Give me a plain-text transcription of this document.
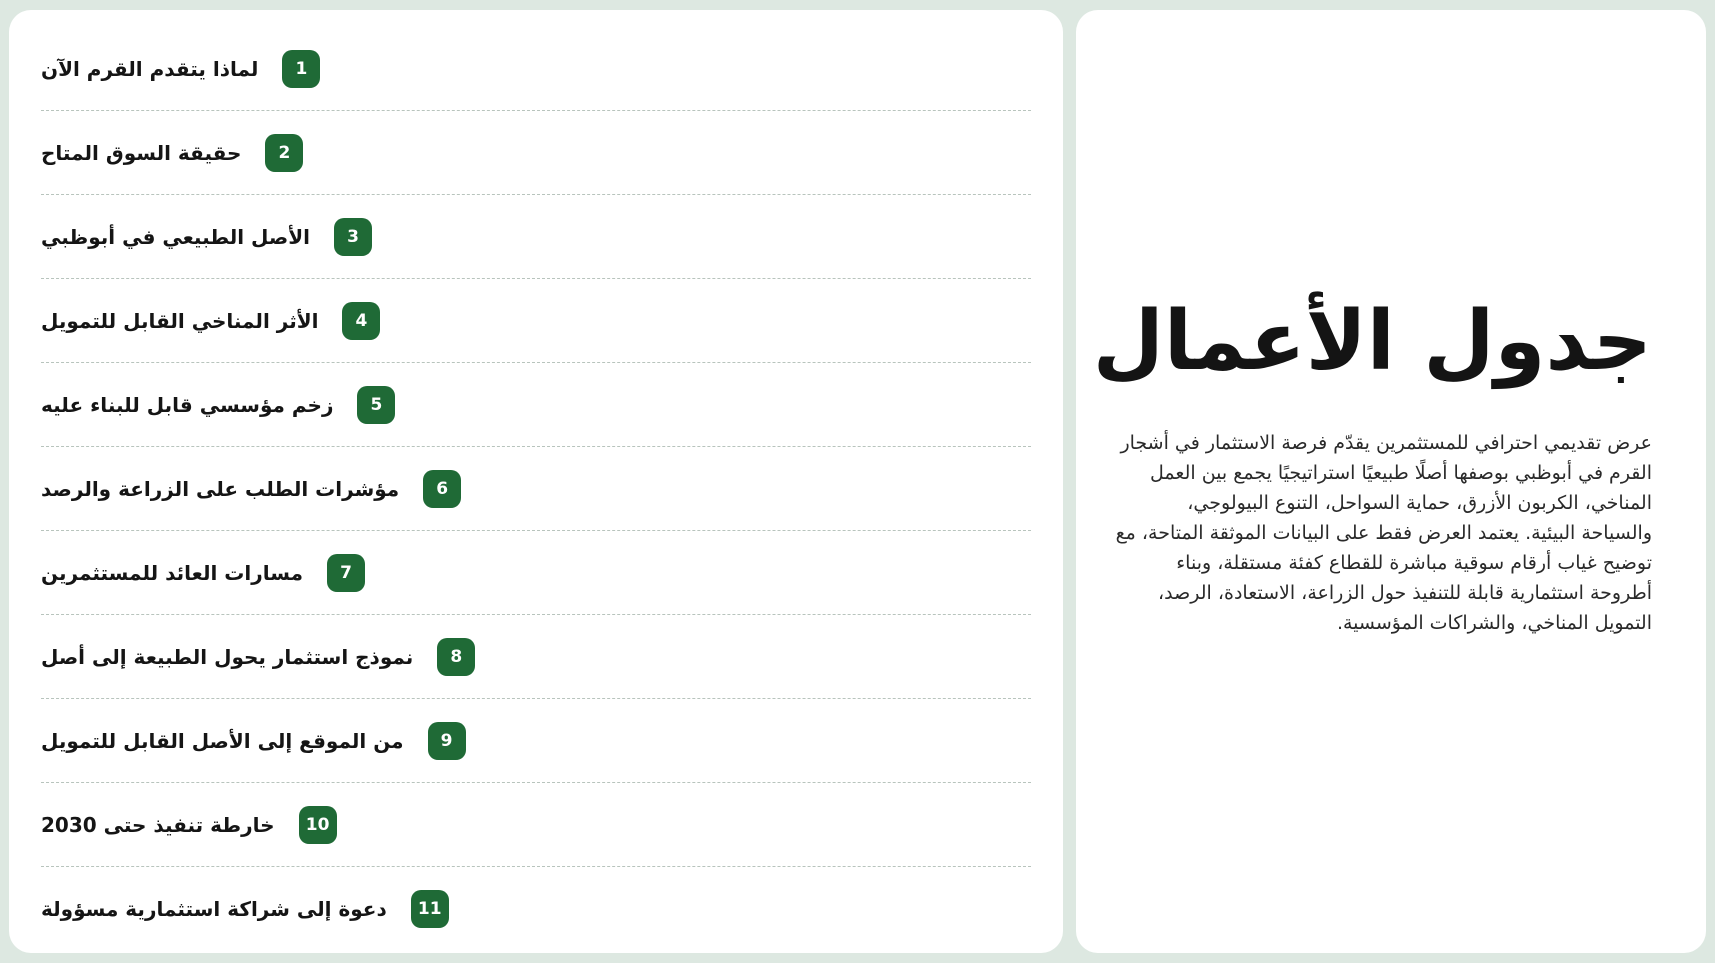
جدول الأعمال

عرض تقديمي احترافي للمستثمرين يقدّم فرصة الاستثمار في أشجار القرم في أبوظبي بوصفها أصلًا طبيعيًا استراتيجيًا يجمع بين العمل المناخي، الكربون الأزرق، حماية السواحل، التنوع البيولوجي، والسياحة البيئية. يعتمد العرض فقط على البيانات الموثقة المتاحة، مع توضيح غياب أرقام سوقية مباشرة للقطاع كفئة مستقلة، وبناء أطروحة استثمارية قابلة للتنفيذ حول الزراعة، الاستعادة، الرصد، التمويل المناخي، والشراكات المؤسسية.

1
لماذا يتقدم القرم الآن
2
حقيقة السوق المتاح
3
الأصل الطبيعي في أبوظبي
4
الأثر المناخي القابل للتمويل
5
زخم مؤسسي قابل للبناء عليه
6
مؤشرات الطلب على الزراعة والرصد
7
مسارات العائد للمستثمرين
8
نموذج استثمار يحول الطبيعة إلى أصل
9
من الموقع إلى الأصل القابل للتمويل
10
خارطة تنفيذ حتى 2030
11
دعوة إلى شراكة استثمارية مسؤولة
